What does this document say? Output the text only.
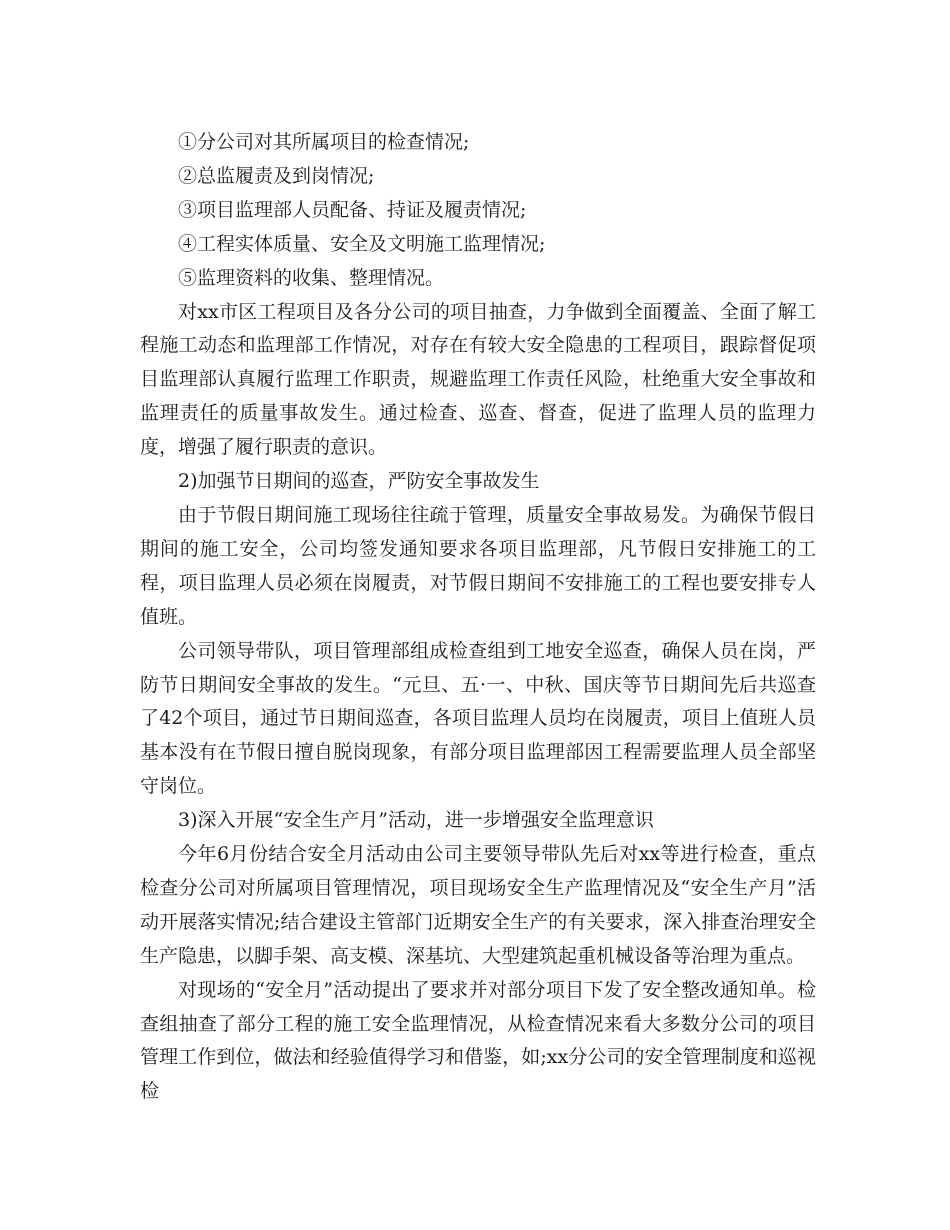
①分公司对其所属项目的检查情况;

②总监履责及到岗情况;

③项目监理部人员配备、持证及履责情况;

④工程实体质量、安全及文明施工监理情况;

⑤监理资料的收集、整理情况。

对xx市区工程项目及各分公司的项目抽查，力争做到全面覆盖、全面了解工程施工动态和监理部工作情况，对存在有较大安全隐患的工程项目，跟踪督促项目监理部认真履行监理工作职责，规避监理工作责任风险，杜绝重大安全事故和监理责任的质量事故发生。通过检查、巡查、督查，促进了监理人员的监理力度，增强了履行职责的意识。

2)加强节日期间的巡查，严防安全事故发生

由于节假日期间施工现场往往疏于管理，质量安全事故易发。为确保节假日期间的施工安全，公司均签发通知要求各项目监理部，凡节假日安排施工的工程，项目监理人员必须在岗履责，对节假日期间不安排施工的工程也要安排专人值班。

公司领导带队，项目管理部组成检查组到工地安全巡查，确保人员在岗，严防节日期间安全事故的发生。“元旦、五·一、中秋、国庆等节日期间先后共巡查了42个项目，通过节日期间巡查，各项目监理人员均在岗履责，项目上值班人员基本没有在节假日擅自脱岗现象，有部分项目监理部因工程需要监理人员全部坚守岗位。

3)深入开展“安全生产月”活动，进一步增强安全监理意识

今年6月份结合安全月活动由公司主要领导带队先后对xx等进行检查，重点检查分公司对所属项目管理情况，项目现场安全生产监理情况及“安全生产月”活动开展落实情况;结合建设主管部门近期安全生产的有关要求，深入排查治理安全生产隐患，以脚手架、高支模、深基坑、大型建筑起重机械设备等治理为重点。

对现场的“安全月”活动提出了要求并对部分项目下发了安全整改通知单。检查组抽查了部分工程的施工安全监理情况，从检查情况来看大多数分公司的项目管理工作到位，做法和经验值得学习和借鉴，如;xx分公司的安全管理制度和巡视检
